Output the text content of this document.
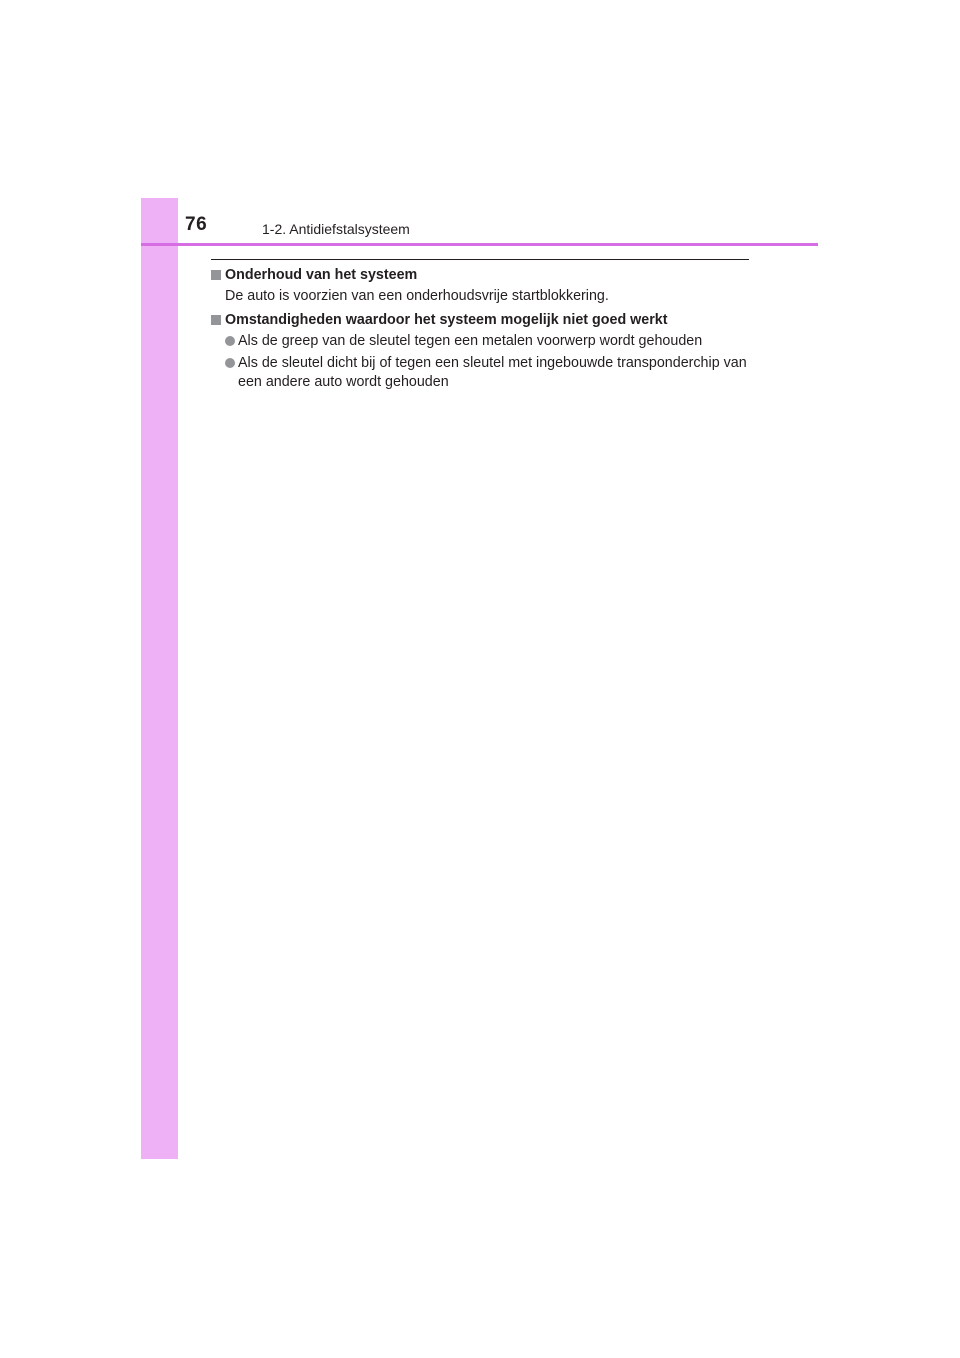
76	1-2. Antidiefstalsysteem
Onderhoud van het systeem
De auto is voorzien van een onderhoudsvrije startblokkering.
Omstandigheden waardoor het systeem mogelijk niet goed werkt
Als de greep van de sleutel tegen een metalen voorwerp wordt gehouden
Als de sleutel dicht bij of tegen een sleutel met ingebouwde transponderchip van een andere auto wordt gehouden
